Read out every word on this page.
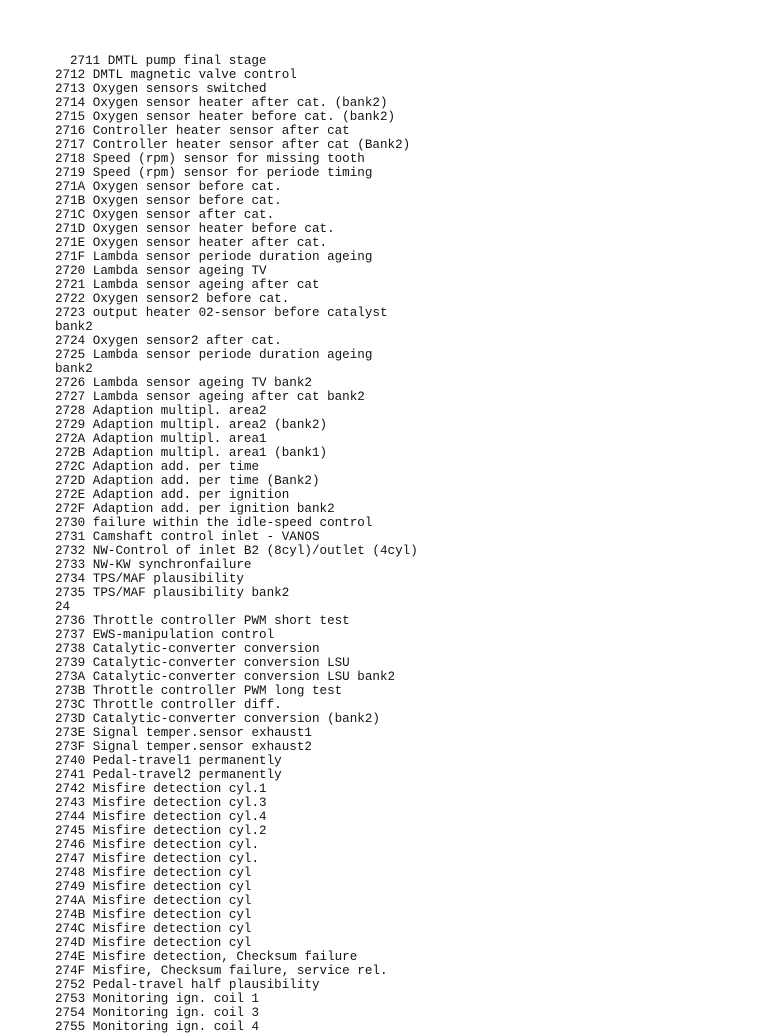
2711 DMTL pump final stage
2712 DMTL magnetic valve control
2713 Oxygen sensors switched
2714 Oxygen sensor heater after cat. (bank2)
2715 Oxygen sensor heater before cat. (bank2)
2716 Controller heater sensor after cat
2717 Controller heater sensor after cat (Bank2)
2718 Speed (rpm) sensor for missing tooth
2719 Speed (rpm) sensor for periode timing
271A Oxygen sensor before cat.
271B Oxygen sensor before cat.
271C Oxygen sensor after cat.
271D Oxygen sensor heater before cat.
271E Oxygen sensor heater after cat.
271F Lambda sensor periode duration ageing
2720 Lambda sensor ageing TV
2721 Lambda sensor ageing after cat
2722 Oxygen sensor2 before cat.
2723 output heater 02-sensor before catalyst
bank2
2724 Oxygen sensor2 after cat.
2725 Lambda sensor periode duration ageing
bank2
2726 Lambda sensor ageing TV bank2
2727 Lambda sensor ageing after cat bank2
2728 Adaption multipl. area2
2729 Adaption multipl. area2 (bank2)
272A Adaption multipl. area1
272B Adaption multipl. area1 (bank1)
272C Adaption add. per time
272D Adaption add. per time (Bank2)
272E Adaption add. per ignition
272F Adaption add. per ignition bank2
2730 failure within the idle-speed control
2731 Camshaft control inlet - VANOS
2732 NW-Control of inlet B2 (8cyl)/outlet (4cyl)
2733 NW-KW synchronfailure
2734 TPS/MAF plausibility
2735 TPS/MAF plausibility bank2
24
2736 Throttle controller PWM short test
2737 EWS-manipulation control
2738 Catalytic-converter conversion
2739 Catalytic-converter conversion LSU
273A Catalytic-converter conversion LSU bank2
273B Throttle controller PWM long test
273C Throttle controller diff.
273D Catalytic-converter conversion (bank2)
273E Signal temper.sensor exhaust1
273F Signal temper.sensor exhaust2
2740 Pedal-travel1 permanently
2741 Pedal-travel2 permanently
2742 Misfire detection cyl.1
2743 Misfire detection cyl.3
2744 Misfire detection cyl.4
2745 Misfire detection cyl.2
2746 Misfire detection cyl.
2747 Misfire detection cyl.
2748 Misfire detection cyl
2749 Misfire detection cyl
274A Misfire detection cyl
274B Misfire detection cyl
274C Misfire detection cyl
274D Misfire detection cyl
274E Misfire detection, Checksum failure
274F Misfire, Checksum failure, service rel.
2752 Pedal-travel half plausibility
2753 Monitoring ign. coil 1
2754 Monitoring ign. coil 3
2755 Monitoring ign. coil 4
